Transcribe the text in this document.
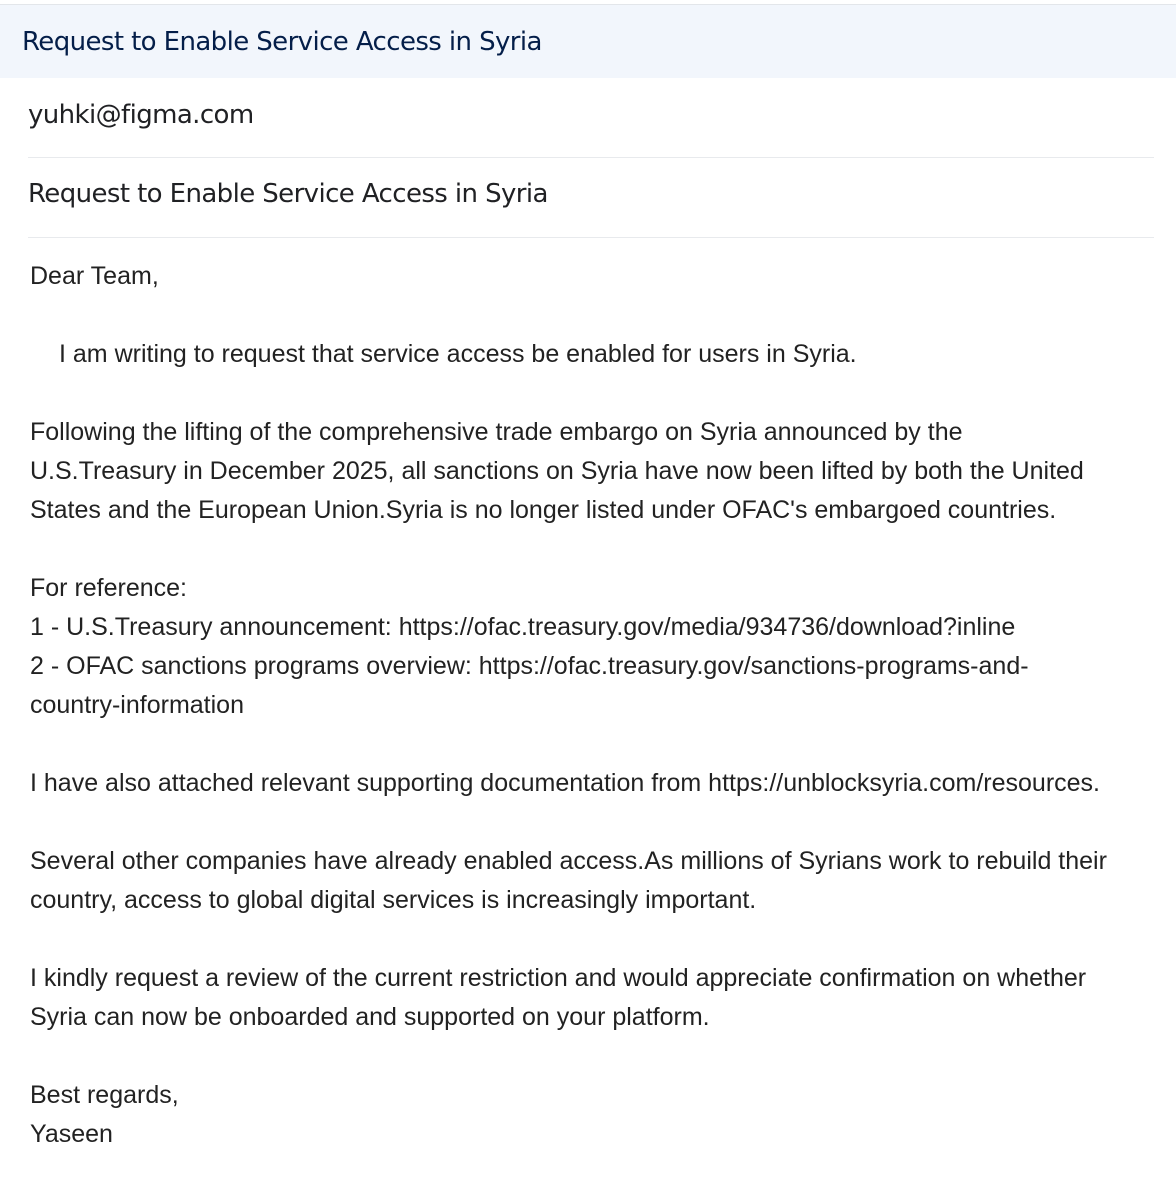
Request to Enable Service Access in Syria
yuhki@figma.com
Request to Enable Service Access in Syria

Dear Team,

I am writing to request that service access be enabled for users in Syria.

Following the lifting of the comprehensive trade embargo on Syria announced by the

U.S.Treasury in December 2025, all sanctions on Syria have now been lifted by both the United

States and the European Union.Syria is no longer listed under OFAC's embargoed countries.

For reference:

1 - U.S.Treasury announcement: https://ofac.treasury.gov/media/934736/download?inline

2 - OFAC sanctions programs overview: https://ofac.treasury.gov/sanctions-programs-and-

country-information

I have also attached relevant supporting documentation from https://unblocksyria.com/resources.

Several other companies have already enabled access.As millions of Syrians work to rebuild their

country, access to global digital services is increasingly important.

I kindly request a review of the current restriction and would appreciate confirmation on whether

Syria can now be onboarded and supported on your platform.

Best regards,

Yaseen
